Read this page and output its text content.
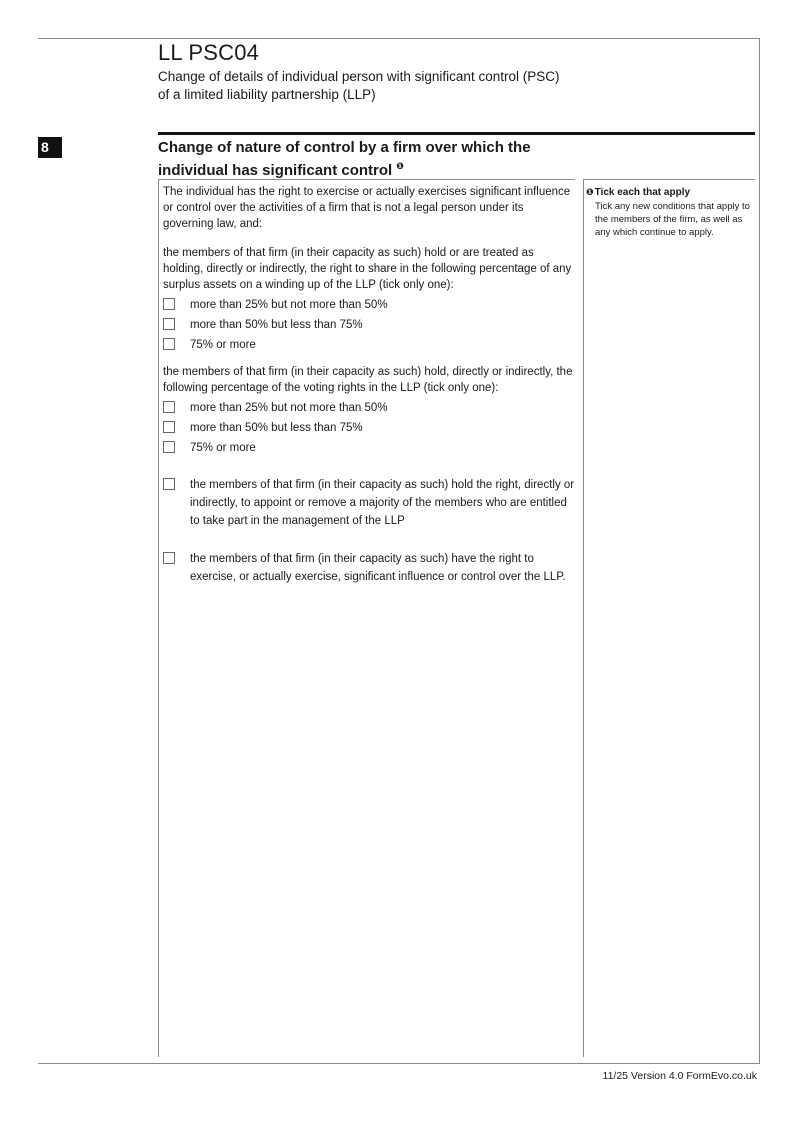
LL PSC04
Change of details of individual person with significant control (PSC)
of a limited liability partnership (LLP)
8	Change of nature of control by a firm over which the
individual has significant control $^❶$
❶Tick each that apply
Tick any new conditions that apply to the members of the firm, as well as any which continue to apply.
The individual has the right to exercise or actually exercises significant influence or control over the activities of a firm that is not a legal person under its governing law, and:
the members of that firm (in their capacity as such) hold or are treated as holding, directly or indirectly, the right to share in the following percentage of any surplus assets on a winding up of the LLP (tick only one):
more than 25% but not more than 50%
more than 50% but less than 75%
75% or more
the members of that firm (in their capacity as such) hold, directly or indirectly, the following percentage of the voting rights in the LLP (tick only one):
more than 25% but not more than 50%
more than 50% but less than 75%
75% or more
the members of that firm (in their capacity as such) hold the right, directly or indirectly, to appoint or remove a majority of the members who are entitled to take part in the management of the LLP
the members of that firm (in their capacity as such) have the right to exercise, or actually exercise, significant influence or control over the LLP.
11/25 Version 4.0 FormEvo.co.uk
